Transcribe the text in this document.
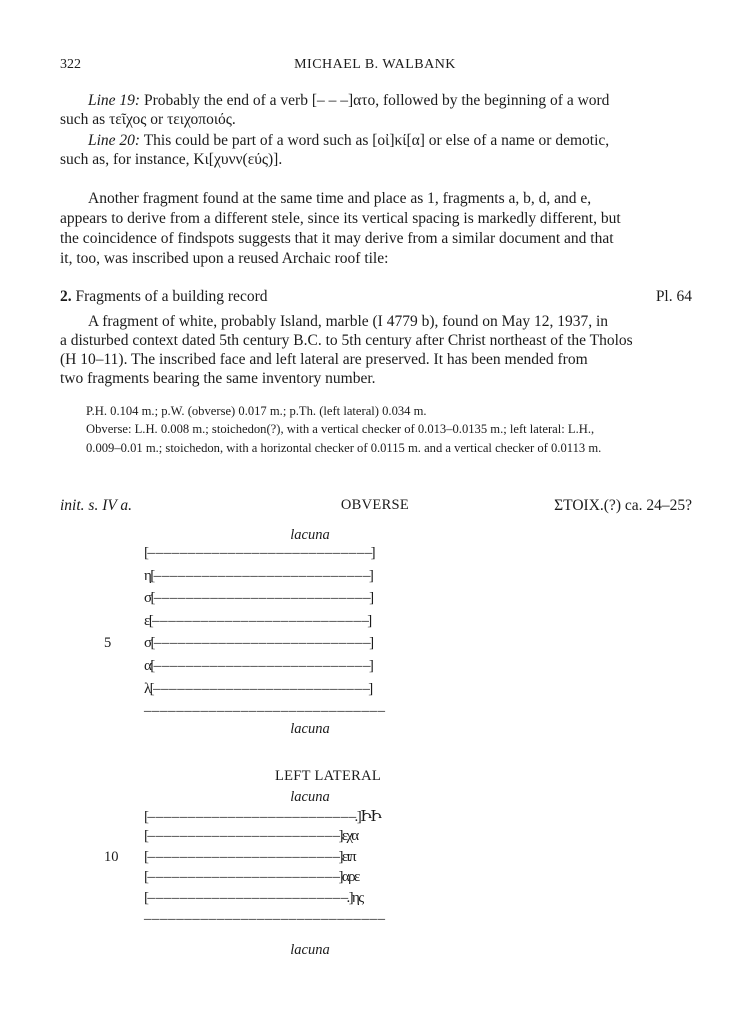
322	MICHAEL B. WALBANK
Line 19: Probably the end of a verb [– – –]ατο, followed by the beginning of a word
such as τεῖχος or τειχοποιός.
Line 20: This could be part of a word such as [οἰ]κί[α] or else of a name or demotic,
such as, for instance, Κι[χυνν(εύς)].
Another fragment found at the same time and place as 1, fragments a, b, d, and e,
appears to derive from a different stele, since its vertical spacing is markedly different, but
the coincidence of findspots suggests that it may derive from a similar document and that
it, too, was inscribed upon a reused Archaic roof tile:
2. Fragments of a building record	Pl. 64
A fragment of white, probably Island, marble (I 4779 b), found on May 12, 1937, in
a disturbed context dated 5th century B.C. to 5th century after Christ northeast of the Tholos
(H 10–11). The inscribed face and left lateral are preserved. It has been mended from
two fragments bearing the same inventory number.
P.H. 0.104 m.; p.W. (obverse) 0.017 m.; p.Th. (left lateral) 0.034 m.
Obverse: L.H. 0.008 m.; stoichedon(?), with a vertical checker of 0.013–0.0135 m.; left lateral: L.H.,
0.009–0.01 m.; stoichedon, with a horizontal checker of 0.0115 m. and a vertical checker of 0.0113 m.
init. s. IV a.	OBVERSE	ΣΤΟΙΧ.(?) ca. 24–25?
lacuna
[– – – – – – – – – – – – – – – – – – – – – – – – – – – –]
η[– – – – – – – – – – – – – – – – – – – – – – – – – – –]
σ[– – – – – – – – – – – – – – – – – – – – – – – – – – –]
ε[– – – – – – – – – – – – – – – – – – – – – – – – – – –]
5 σ[– – – – – – – – – – – – – – – – – – – – – – – – – – –]
α[– – – – – – – – – – – – – – – – – – – – – – – – – – –]
λ[– – – – – – – – – – – – – – – – – – – – – – – – – – –]
– – – – – – – – – – – – – – – – – – – – – – – – – – – – – –
lacuna
LEFT LATERAL
lacuna
[– – – – – – – – – – – – – – – – – – – – – – – – – –.]ԻԻ
[– – – – – – – – – – – – – – – – – – – – – – – –]εχα
10 [– – – – – – – – – – – – – – – – – – – – – – – –]ειπ
[– – – – – – – – – – – – – – – – – – – – – – – –]αρε
[– – – – – – – – – – – – – – – – – – – – – – – – –.]ης
– – – – – – – – – – – – – – – – – – – – – – – – – – – – – –
lacuna
